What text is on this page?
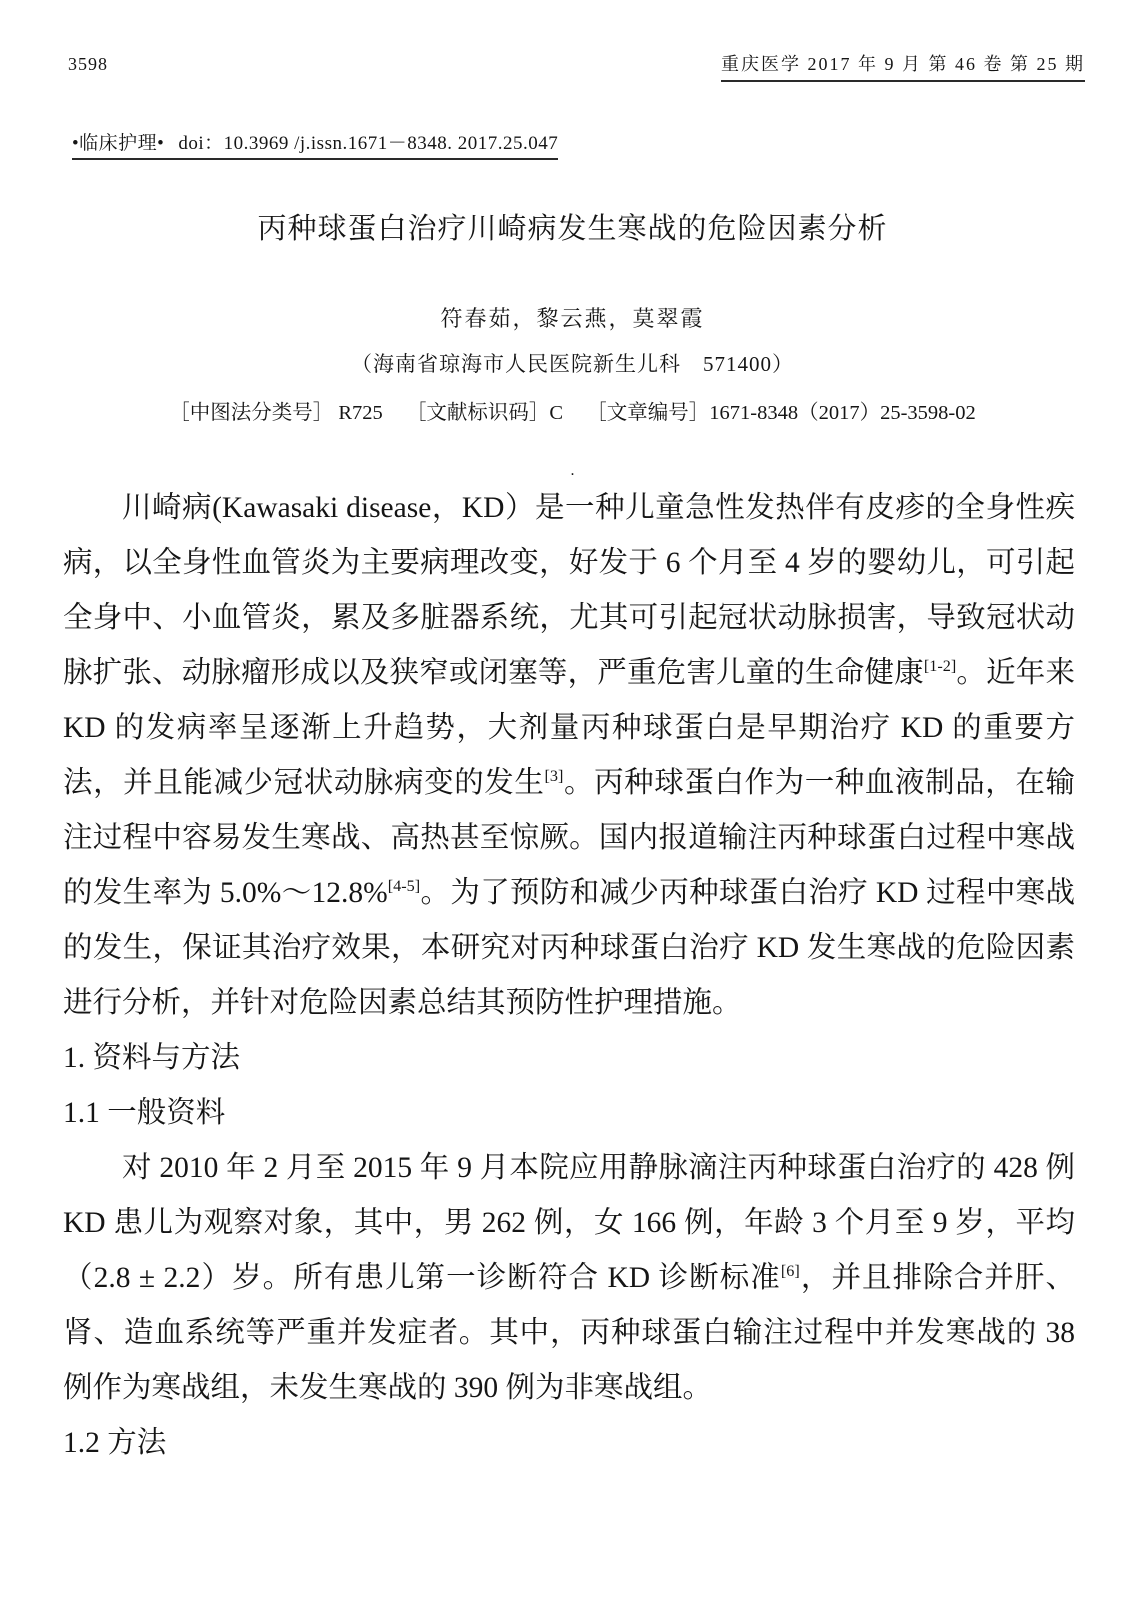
3598	重庆医学 2017 年 9 月 第 46 卷 第 25 期
•临床护理• doi：10.3969 /j.issn.1671－8348. 2017.25.047
丙种球蛋白治疗川崎病发生寒战的危险因素分析
符春茹，黎云燕，莫翠霞
（海南省琼海市人民医院新生儿科　571400）
［中图法分类号］ R725 ［文献标识码］C ［文章编号］1671-8348（2017）25-3598-02
.

川崎病(Kawasaki disease，KD）是一种儿童急性发热伴有皮疹的全身性疾病，以全身性血管炎为主要病理改变，好发于 6 个月至 4 岁的婴幼儿，可引起全身中、小血管炎，累及多脏器系统，尤其可引起冠状动脉损害，导致冠状动脉扩张、动脉瘤形成以及狭窄或闭塞等，严重危害儿童的生命健康[1-2]。近年来 KD 的发病率呈逐渐上升趋势，大剂量丙种球蛋白是早期治疗 KD 的重要方法，并且能减少冠状动脉病变的发生[3]。丙种球蛋白作为一种血液制品，在输注过程中容易发生寒战、高热甚至惊厥。国内报道输注丙种球蛋白过程中寒战的发生率为 5.0%～12.8%[4-5]。为了预防和减少丙种球蛋白治疗 KD 过程中寒战的发生，保证其治疗效果，本研究对丙种球蛋白治疗 KD 发生寒战的危险因素进行分析，并针对危险因素总结其预防性护理措施。

1. 资料与方法
1.1 一般资料

对 2010 年 2 月至 2015 年 9 月本院应用静脉滴注丙种球蛋白治疗的 428 例 KD 患儿为观察对象，其中，男 262 例，女 166 例，年龄 3 个月至 9 岁，平均（2.8 ± 2.2）岁。所有患儿第一诊断符合 KD 诊断标准[6]，并且排除合并肝、肾、造血系统等严重并发症者。其中，丙种球蛋白输注过程中并发寒战的 38 例作为寒战组，未发生寒战的 390 例为非寒战组。

1.2 方法
